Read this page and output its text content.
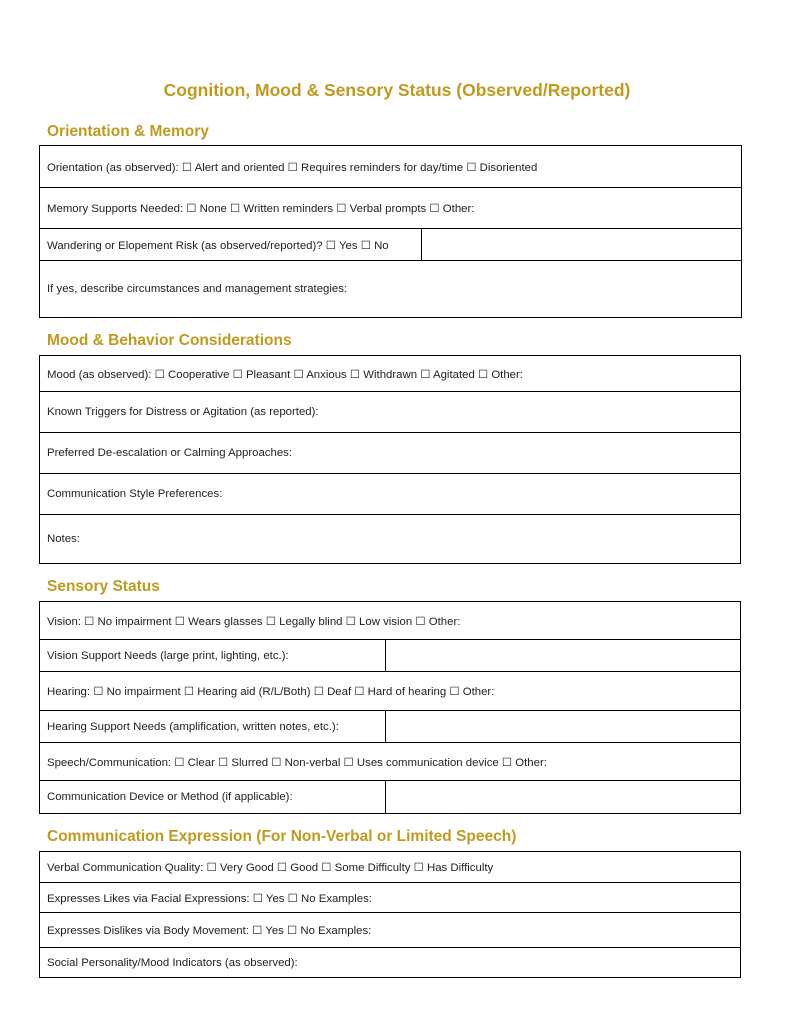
Cognition, Mood & Sensory Status (Observed/Reported)
Orientation & Memory
Orientation (as observed): ☐ Alert and oriented ☐ Requires reminders for day/time ☐ Disoriented
Memory Supports Needed: ☐ None ☐ Written reminders ☐ Verbal prompts ☐ Other:
Wandering or Elopement Risk (as observed/reported)? ☐ Yes ☐ No
If yes, describe circumstances and management strategies:
Mood & Behavior Considerations
Mood (as observed): ☐ Cooperative ☐ Pleasant ☐ Anxious ☐ Withdrawn ☐ Agitated ☐ Other:
Known Triggers for Distress or Agitation (as reported):
Preferred De-escalation or Calming Approaches:
Communication Style Preferences:
Notes:
Sensory Status
Vision: ☐ No impairment ☐ Wears glasses ☐ Legally blind ☐ Low vision ☐ Other:
Vision Support Needs (large print, lighting, etc.):
Hearing: ☐ No impairment ☐ Hearing aid (R/L/Both) ☐ Deaf ☐ Hard of hearing ☐ Other:
Hearing Support Needs (amplification, written notes, etc.):
Speech/Communication: ☐ Clear ☐ Slurred ☐ Non-verbal ☐ Uses communication device ☐ Other:
Communication Device or Method (if applicable):
Communication Expression (For Non-Verbal or Limited Speech)
Verbal Communication Quality: ☐ Very Good ☐ Good ☐ Some Difficulty ☐ Has Difficulty
Expresses Likes via Facial Expressions: ☐ Yes ☐ No Examples:
Expresses Dislikes via Body Movement: ☐ Yes ☐ No Examples:
Social Personality/Mood Indicators (as observed):
